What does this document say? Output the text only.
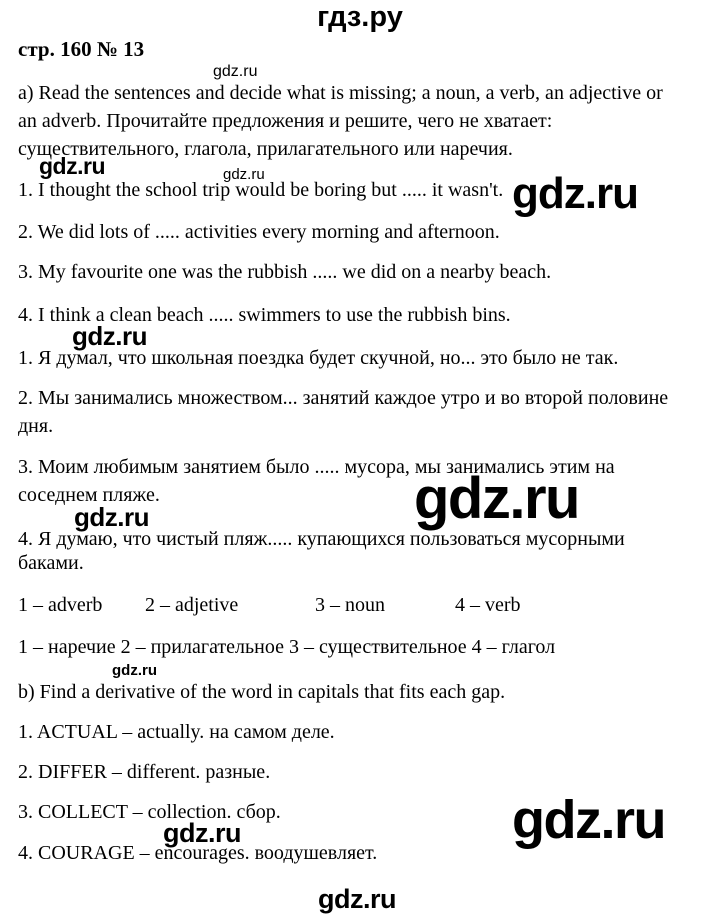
гдз.ру
стр. 160 № 13
gdz.ru
gdz.ru	gdz.ru	gdz.ru
gdz.ru
gdz.ru
gdz.ru
gdz.ru
gdz.ru	gdz.ru
gdz.ru
a) Read the sentences and decide what is missing; a noun, a verb, an adjective or
an adverb. Прочитайте предложения и решите, чего не хватает:
существительного, глагола, прилагательного или наречия.
1. I thought the school trip would be boring but ..... it wasn't.
2. We did lots of ..... activities every morning and afternoon.
3. My favourite one was the rubbish ..... we did on a nearby beach.
4. I think a clean beach ..... swimmers to use the rubbish bins.
1. Я думал, что школьная поездка будет скучной, но... это было не так.
2. Мы занимались множеством... занятий каждое утро и во второй половине
дня.
3. Моим любимым занятием было ..... мусора, мы занимались этим на
соседнем пляже.
4. Я думаю, что чистый пляж..... купающихся пользоваться мусорными
баками.
1 – adverb 2 – adjetive	3 – noun	4 – verb
1 – наречие 2 – прилагательное 3 – существительное 4 – глагол
b) Find a derivative of the word in capitals that fits each gap.
1. ACTUAL – actually. на самом деле.
2. DIFFER – different. разные.
3. COLLECT – collection. сбор.
4. COURAGE – encourages. воодушевляет.
